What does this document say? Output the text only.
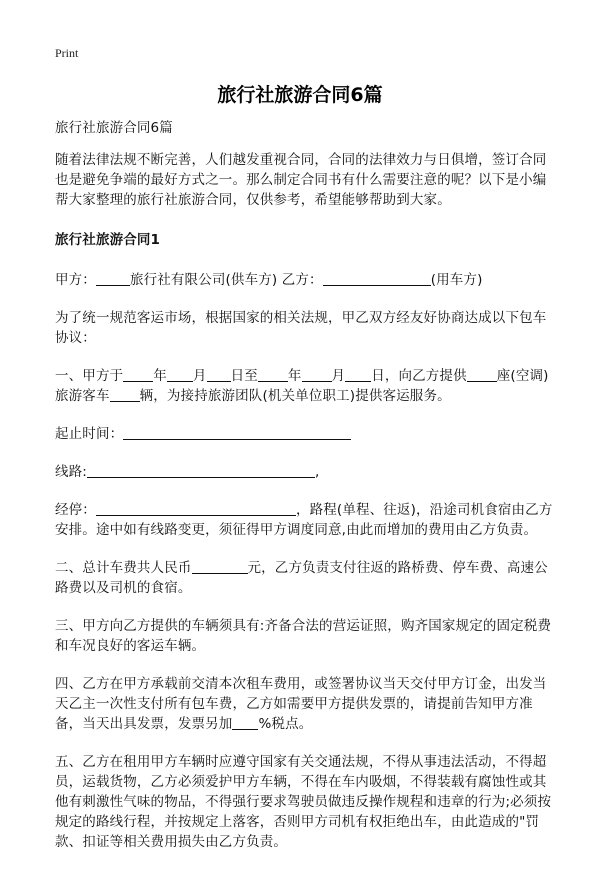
Print
旅行社旅游合同6篇

旅行社旅游合同6篇

随着法律法规不断完善，人们越发重视合同，合同的法律效力与日俱增，签订合同也是避免争端的最好方式之一。那么制定合同书有什么需要注意的呢？以下是小编帮大家整理的旅行社旅游合同，仅供参考，希望能够帮助到大家。

旅行社旅游合同1

甲方：	旅行社有限公司(供车方) 乙方：	(用车方)

为了统一规范客运市场，根据国家的相关法规，甲乙双方经友好协商达成以下包车协议：

一、甲方于 年 月 日至 年 月 日，向乙方提供 座(空调)旅游客车 辆，为接持旅游团队(机关单位职工)提供客运服务。

起止时间：

线路:	,

经停：	，路程(单程、往返)，沿途司机食宿由乙方安排。途中如有线路变更，须征得甲方调度同意,由此而增加的费用由乙方负责。

二、总计车费共人民币	元，乙方负责支付往返的路桥费、停车费、高速公路费以及司机的食宿。

三、甲方向乙方提供的车辆须具有:齐备合法的营运证照，购齐国家规定的固定税费和车况良好的客运车辆。

四、乙方在甲方承载前交清本次租车费用，或签署协议当天交付甲方订金，出发当天乙主一次性支付所有包车费，乙方如需要甲方提供发票的，请提前告知甲方准备，当天出具发票，发票另加 %税点。

五、乙方在租用甲方车辆时应遵守国家有关交通法规，不得从事违法活动，不得超员，运载货物，乙方必须爱护甲方车辆，不得在车内吸烟，不得装载有腐蚀性或其他有刺激性气味的物品，不得强行要求驾驶员做违反操作规程和违章的行为;必须按规定的路线行程，并按规定上落客，否则甲方司机有权拒绝出车，由此造成的"罚款、扣证等相关费用损失由乙方负责。
